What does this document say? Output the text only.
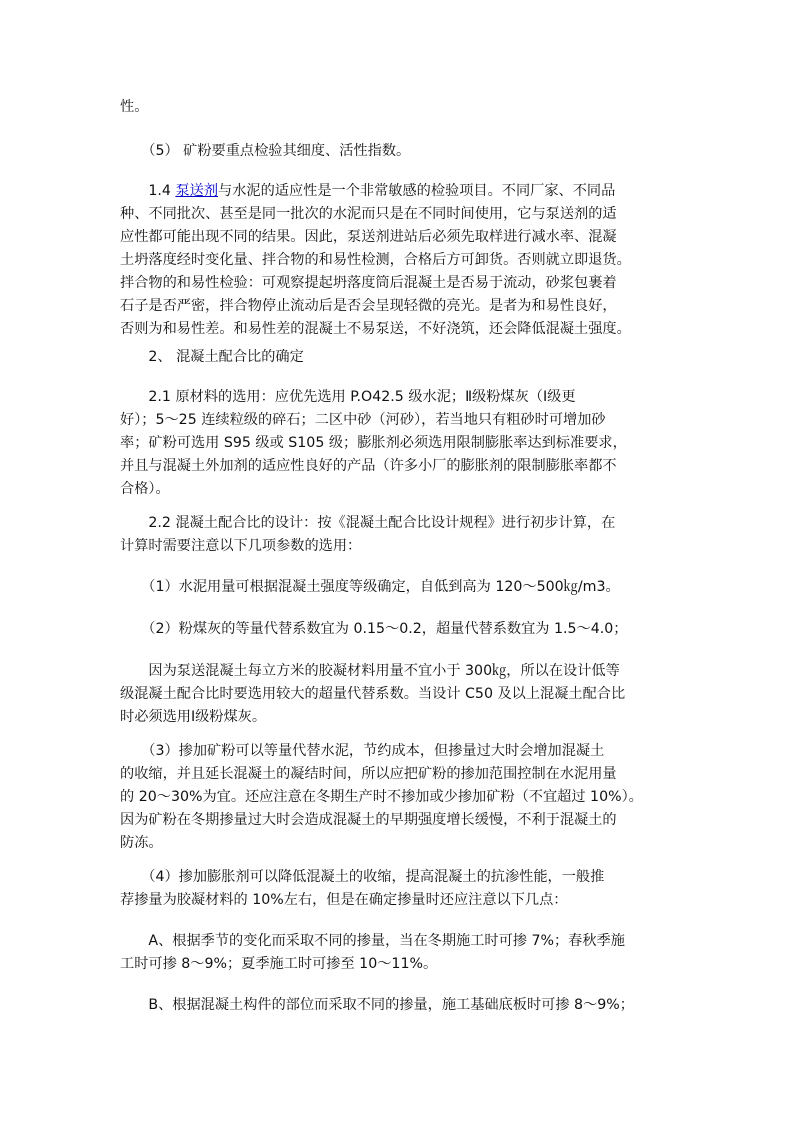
性。

　　（5） 矿粉要重点检验其细度、活性指数。

　　1.4 泵送剂与水泥的适应性是一个非常敏感的检验项目。不同厂家、不同品
种、不同批次、甚至是同一批次的水泥而只是在不同时间使用，它与泵送剂的适
应性都可能出现不同的结果。因此，泵送剂进站后必须先取样进行减水率、混凝
土坍落度经时变化量、拌合物的和易性检测，合格后方可卸货。否则就立即退货。
拌合物的和易性检验：可观察提起坍落度筒后混凝土是否易于流动，砂浆包裹着
石子是否严密，拌合物停止流动后是否会呈现轻微的亮光。是者为和易性良好，
否则为和易性差。和易性差的混凝土不易泵送，不好浇筑，还会降低混凝土强度。

　　2、 混凝土配合比的确定

　　2.1 原材料的选用：应优先选用 P.O42.5 级水泥；Ⅱ级粉煤灰（Ⅰ级更
好）；5～25 连续粒级的碎石；二区中砂（河砂），若当地只有粗砂时可增加砂
率；矿粉可选用 S95 级或 S105 级；膨胀剂必须选用限制膨胀率达到标准要求，
并且与混凝土外加剂的适应性良好的产品（许多小厂的膨胀剂的限制膨胀率都不
合格）。

　　2.2 混凝土配合比的设计：按《混凝土配合比设计规程》进行初步计算，在
计算时需要注意以下几项参数的选用：

　　（1）水泥用量可根据混凝土强度等级确定，自低到高为 120～500㎏/m3。

　　（2）粉煤灰的等量代替系数宜为 0.15～0.2，超量代替系数宜为 1.5～4.0；

　　因为泵送混凝土每立方米的胶凝材料用量不宜小于 300㎏，所以在设计低等
级混凝土配合比时要选用较大的超量代替系数。当设计 C50 及以上混凝土配合比
时必须选用Ⅰ级粉煤灰。

　　（3）掺加矿粉可以等量代替水泥，节约成本，但掺量过大时会增加混凝土
的收缩，并且延长混凝土的凝结时间，所以应把矿粉的掺加范围控制在水泥用量
的 20～30%为宜。还应注意在冬期生产时不掺加或少掺加矿粉（不宜超过 10%）。
因为矿粉在冬期掺量过大时会造成混凝土的早期强度增长缓慢，不利于混凝土的
防冻。

　　（4）掺加膨胀剂可以降低混凝土的收缩，提高混凝土的抗渗性能，一般推
荐掺量为胶凝材料的 10%左右，但是在确定掺量时还应注意以下几点：

　　A、根据季节的变化而采取不同的掺量，当在冬期施工时可掺 7%；春秋季施
工时可掺 8～9%；夏季施工时可掺至 10～11%。

　　B、根据混凝土构件的部位而采取不同的掺量，施工基础底板时可掺 8～9%；
